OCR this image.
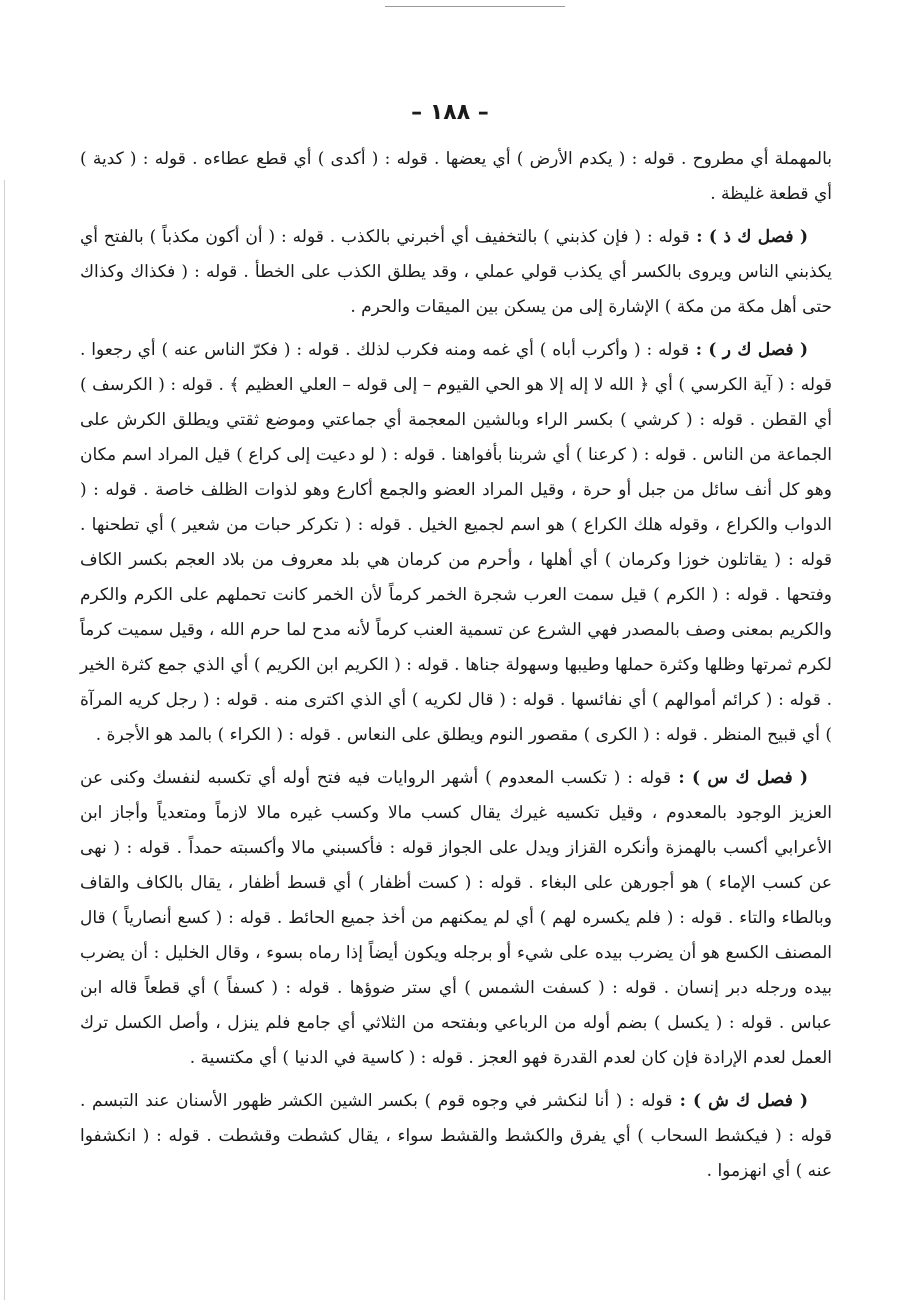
– ١٨٨ –

بالمهملة أي مطروح . قوله : ( يكدم الأرض ) أي يعضها . قوله : ( أكدى ) أي قطع عطاءه . قوله : ( كدية ) أي قطعة غليظة .

( فصل ك ذ ) : قوله : ( فإن كذبني ) بالتخفيف أي أخبرني بالكذب . قوله : ( أن أكون مكذباً ) بالفتح أي يكذبني الناس ويروى بالكسر أي يكذب قولي عملي ، وقد يطلق الكذب على الخطأ . قوله : ( فكذاك وكذاك حتى أهل مكة من مكة ) الإشارة إلى من يسكن بين الميقات والحرم .

( فصل ك ر ) : قوله : ( وأكرب أباه ) أي غمه ومنه فكرب لذلك . قوله : ( فكرّ الناس عنه ) أي رجعوا . قوله : ( آية الكرسي ) أي ﴿ الله لا إله إلا هو الحي القيوم – إلى قوله – العلي العظيم ﴾ . قوله : ( الكرسف ) أي القطن . قوله : ( كرشي ) بكسر الراء وبالشين المعجمة أي جماعتي وموضع ثقتي ويطلق الكرش على الجماعة من الناس . قوله : ( كرعنا ) أي شربنا بأفواهنا . قوله : ( لو دعيت إلى كراع ) قيل المراد اسم مكان وهو كل أنف سائل من جبل أو حرة ، وقيل المراد العضو والجمع أكارع وهو لذوات الظلف خاصة . قوله : ( الدواب والكراع ، وقوله هلك الكراع ) هو اسم لجميع الخيل . قوله : ( تكركر حبات من شعير ) أي تطحنها . قوله : ( يقاتلون خوزا وكرمان ) أي أهلها ، وأحرم من كرمان هي بلد معروف من بلاد العجم بكسر الكاف وفتحها . قوله : ( الكرم ) قيل سمت العرب شجرة الخمر كرماً لأن الخمر كانت تحملهم على الكرم والكرم والكريم بمعنى وصف بالمصدر فهي الشرع عن تسمية العنب كرماً لأنه مدح لما حرم الله ، وقيل سميت كرماً لكرم ثمرتها وظلها وكثرة حملها وطيبها وسهولة جناها . قوله : ( الكريم ابن الكريم ) أي الذي جمع كثرة الخير . قوله : ( كرائم أموالهم ) أي نفائسها . قوله : ( قال لكريه ) أي الذي اكترى منه . قوله : ( رجل كريه المرآة ) أي قبيح المنظر . قوله : ( الكرى ) مقصور النوم ويطلق على النعاس . قوله : ( الكراء ) بالمد هو الأجرة .

( فصل ك س ) : قوله : ( تكسب المعدوم ) أشهر الروايات فيه فتح أوله أي تكسبه لنفسك وكنى عن العزيز الوجود بالمعدوم ، وقيل تكسيه غيرك يقال كسب مالا وكسب غيره مالا لازماً ومتعدياً وأجاز ابن الأعرابي أكسب بالهمزة وأنكره القزاز ويدل على الجواز قوله : فأكسبني مالا وأكسبته حمداً . قوله : ( نهى عن كسب الإماء ) هو أجورهن على البغاء . قوله : ( كست أظفار ) أي قسط أظفار ، يقال بالكاف والقاف وبالطاء والتاء . قوله : ( فلم يكسره لهم ) أي لم يمكنهم من أخذ جميع الحائط . قوله : ( كسع أنصارياً ) قال المصنف الكسع هو أن يضرب بيده على شيء أو برجله ويكون أيضاً إذا رماه بسوء ، وقال الخليل : أن يضرب بيده ورجله دبر إنسان . قوله : ( كسفت الشمس ) أي ستر ضوؤها . قوله : ( كسفاً ) أي قطعاً قاله ابن عباس . قوله : ( يكسل ) بضم أوله من الرباعي وبفتحه من الثلاثي أي جامع فلم ينزل ، وأصل الكسل ترك العمل لعدم الإرادة فإن كان لعدم القدرة فهو العجز . قوله : ( كاسية في الدنيا ) أي مكتسية .

( فصل ك ش ) : قوله : ( أنا لنكشر في وجوه قوم ) بكسر الشين الكشر ظهور الأسنان عند التبسم . قوله : ( فيكشط السحاب ) أي يفرق والكشط والقشط سواء ، يقال كشطت وقشطت . قوله : ( انكشفوا عنه ) أي انهزموا .
